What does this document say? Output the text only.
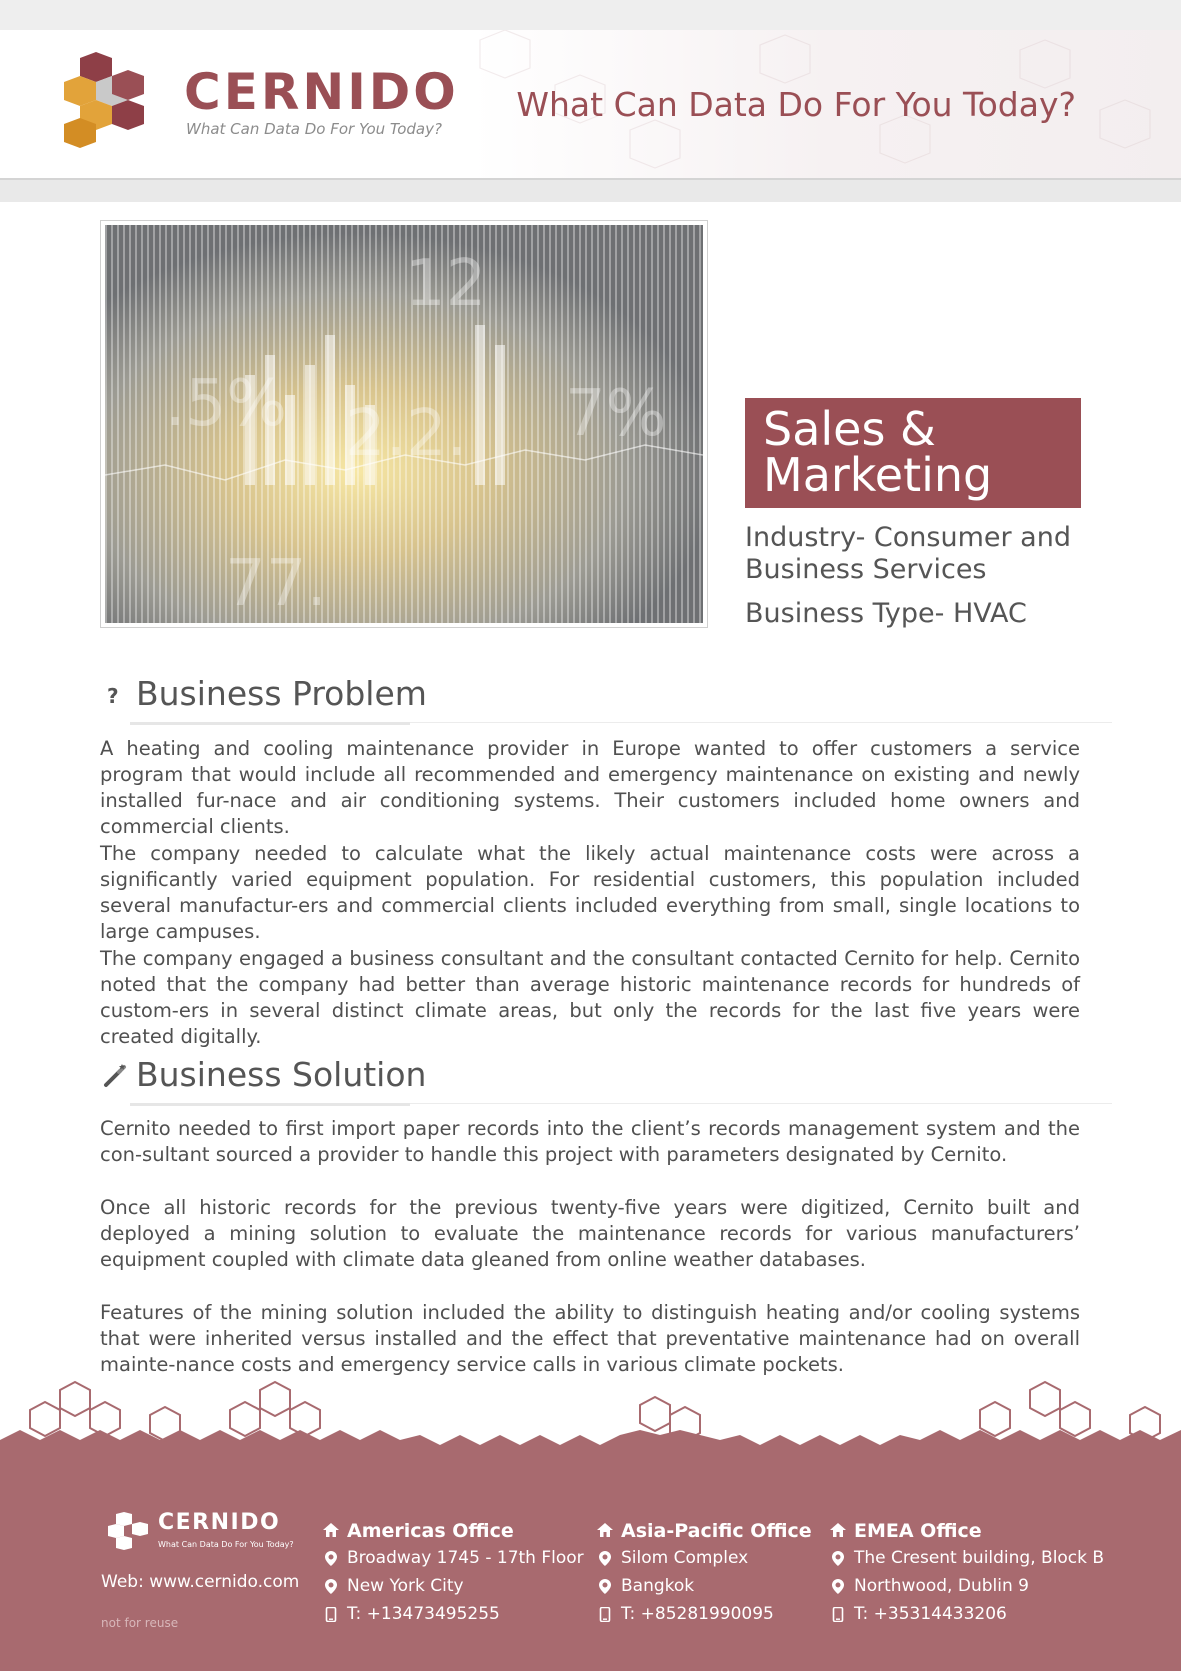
CERNIDO
What Can Data Do For You Today?
What Can Data Do For You Today?
.5% 2.2. 7%
77.
12
Sales & Marketing
Industry- Consumer and Business Services
Business Type- HVAC
? Business Problem

A heating and cooling maintenance provider in Europe wanted to offer customers a service program that would include all recommended and emergency maintenance on existing and newly installed fur-nace and air conditioning systems. Their customers included home owners and commercial clients.

The company needed to calculate what the likely actual maintenance costs were across a significantly varied equipment population. For residential customers, this population included several manufactur-ers and commercial clients included everything from small, single locations to large campuses.

The company engaged a business consultant and the consultant contacted Cernito for help. Cernito noted that the company had better than average historic maintenance records for hundreds of custom-ers in several distinct climate areas, but only the records for the last five years were created digitally.

Business Solution

Cernito needed to first import paper records into the client’s records management system and the con-sultant sourced a provider to handle this project with parameters designated by Cernito.

Once all historic records for the previous twenty-five years were digitized, Cernito built and deployed a mining solution to evaluate the maintenance records for various manufacturers’ equipment coupled with climate data gleaned from online weather databases.

Features of the mining solution included the ability to distinguish heating and/or cooling systems that were inherited versus installed and the effect that preventative maintenance had on overall mainte-nance costs and emergency service calls in various climate pockets.

CERNIDO
What Can Data Do For You Today?
Web: www.cernido.com
not for reuse
Americas Office
Broadway 1745 - 17th Floor
New York City
T: +13473495255
Asia-Pacific Office
Silom Complex
Bangkok
T: +85281990095
EMEA Office
The Cresent building, Block B
Northwood, Dublin 9
T: +35314433206
